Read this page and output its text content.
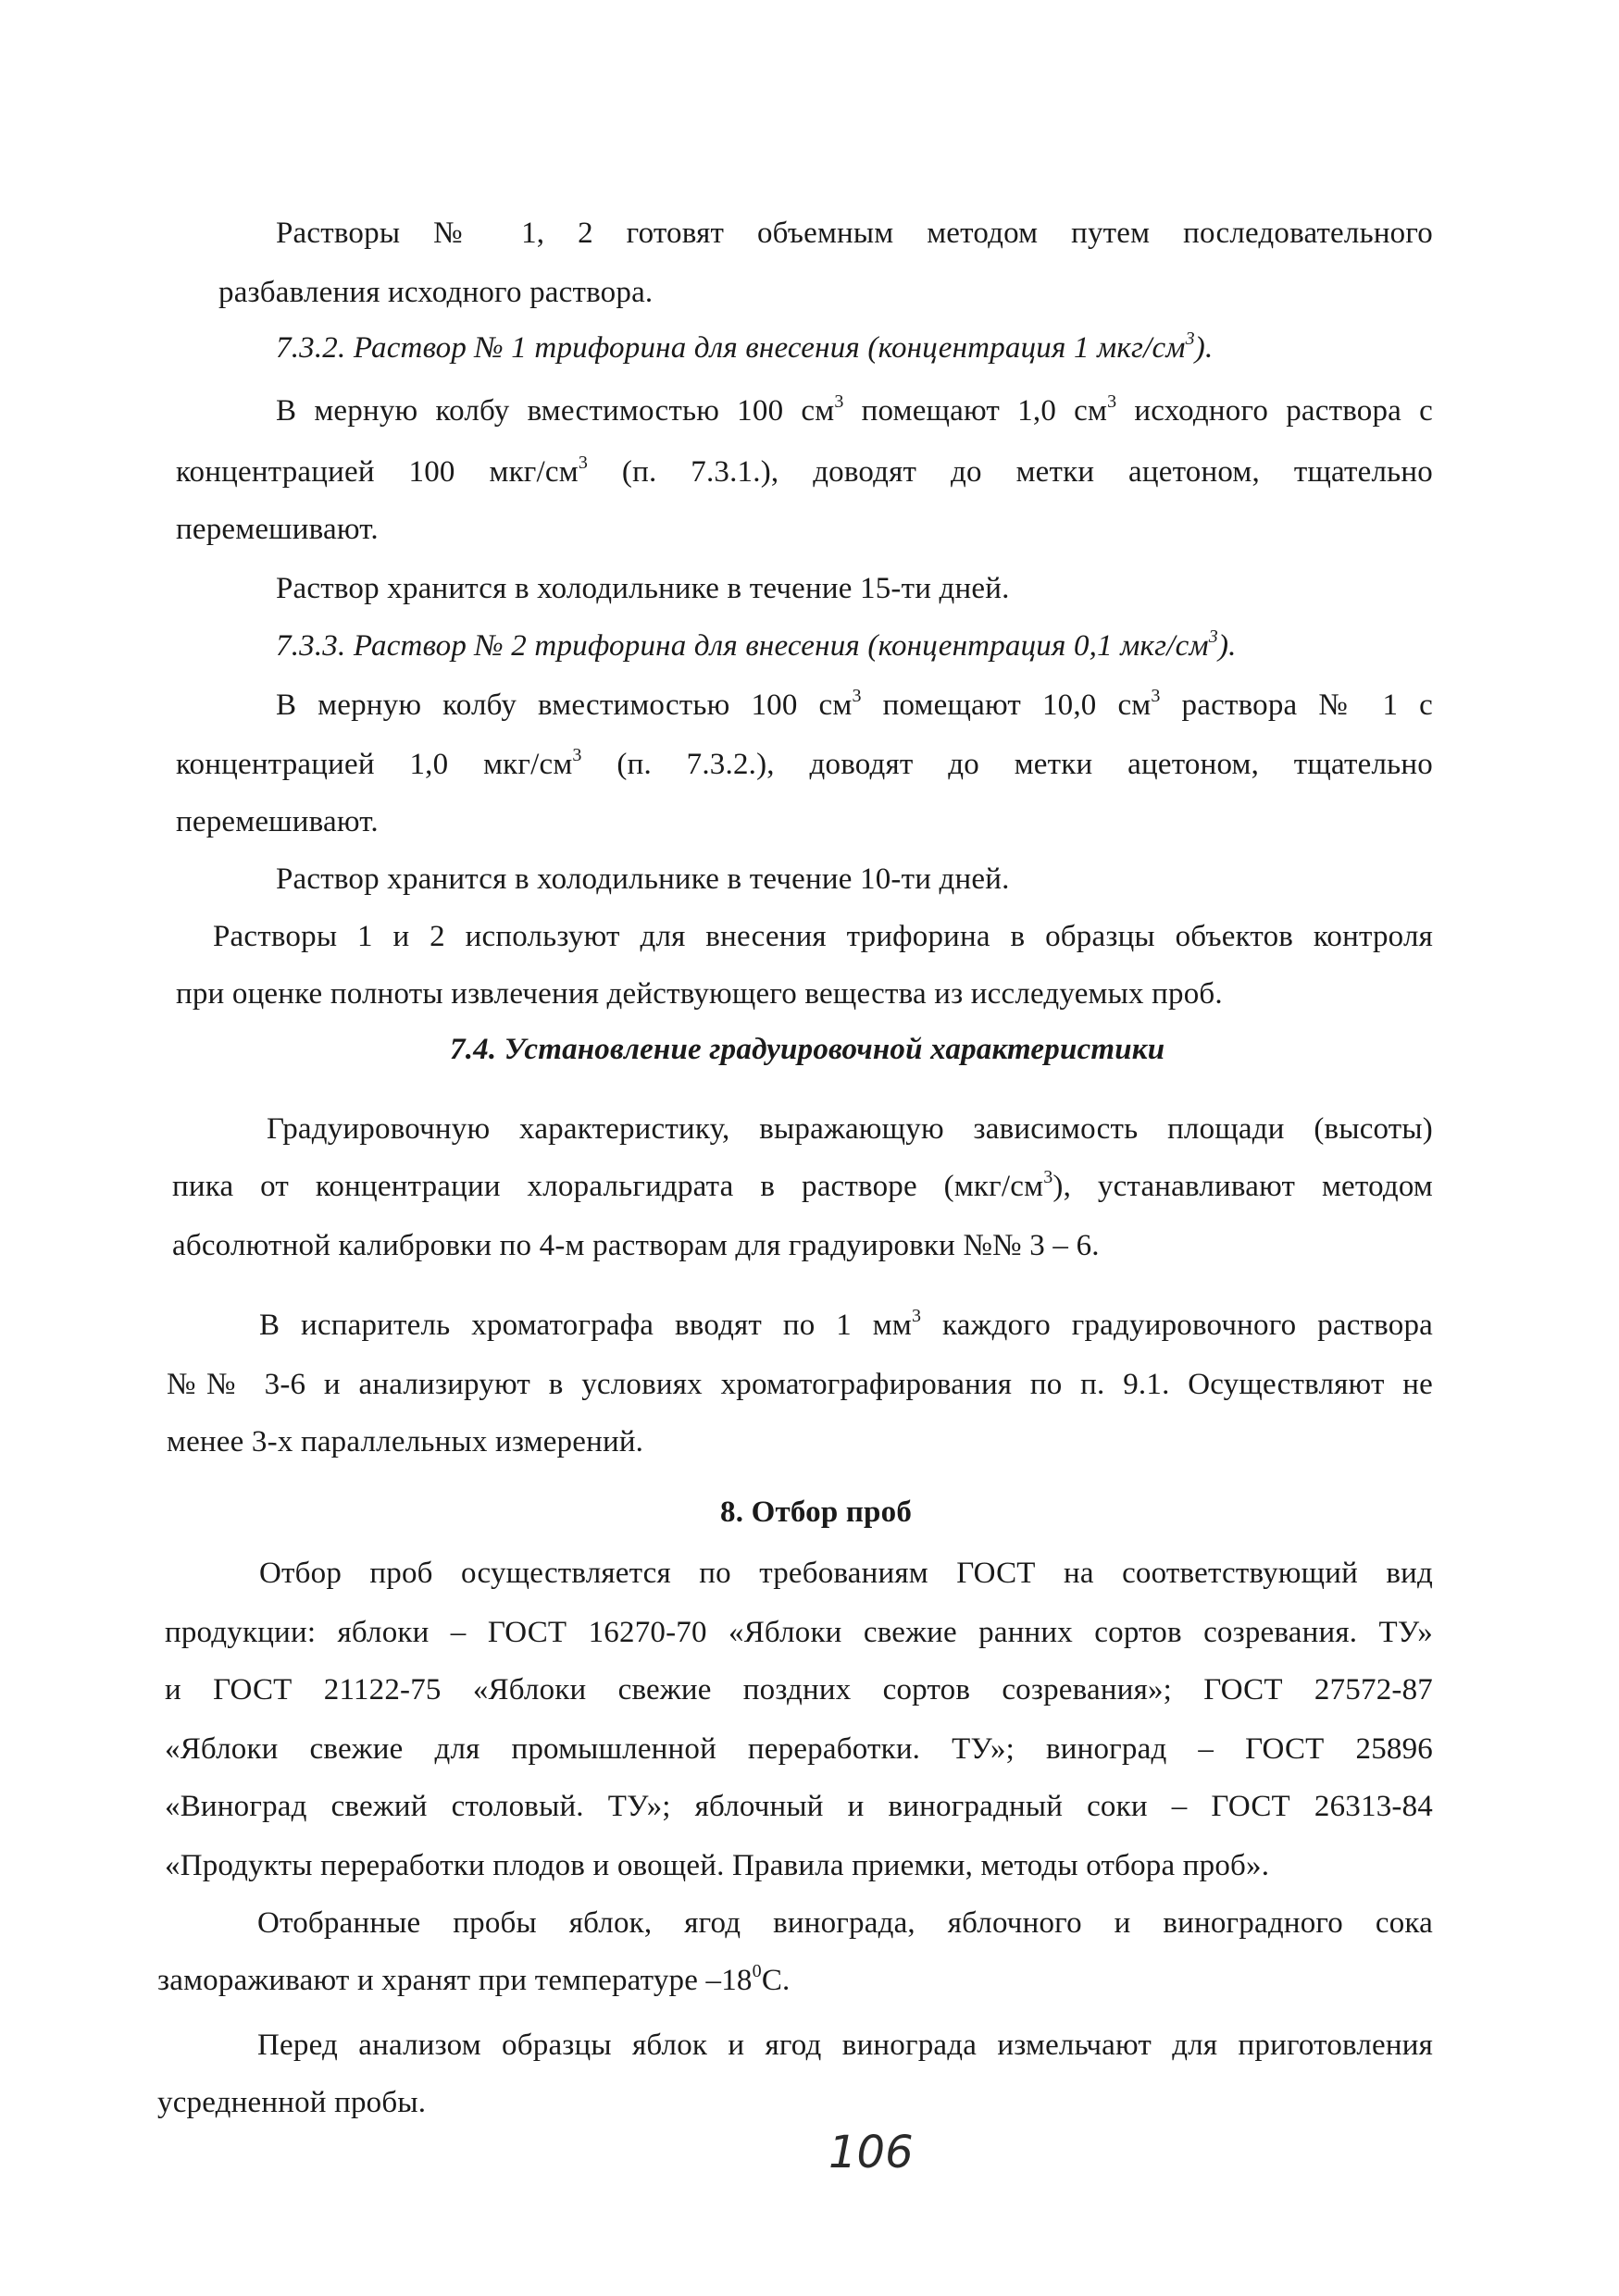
Растворы № 1, 2 готовят объемным методом путем последовательного

разбавления исходного раствора.

7.3.2. Раствор № 1 трифорина для внесения (концентрация 1 мкг/$см^3$).

В мерную колбу вместимостью 100 $см^3$ помещают 1,0 $см^3$ исходного раствора с

концентрацией 100 мкг/$см^3$ (п. 7.3.1.), доводят до метки ацетоном, тщательно

перемешивают.

Раствор хранится в холодильнике в течение 15-ти дней.

7.3.3. Раствор № 2 трифорина для внесения (концентрация 0,1 мкг/$см^3$).

В мерную колбу вместимостью 100 $см^3$ помещают 10,0 $см^3$ раствора № 1 с

концентрацией 1,0 мкг/$см^3$ (п. 7.3.2.), доводят до метки ацетоном, тщательно

перемешивают.

Раствор хранится в холодильнике в течение 10-ти дней.

Растворы 1 и 2 используют для внесения трифорина в образцы объектов контроля

при оценке полноты извлечения действующего вещества из исследуемых проб.

7.4. Установление градуировочной характеристики

Градуировочную характеристику, выражающую зависимость площади (высоты)

пика от концентрации хлоральгидрата в растворе $(мкг/см^3)$, устанавливают методом

абсолютной калибровки по 4-м растворам для градуировки №№ 3 – 6.

В испаритель хроматографа вводят по 1 $мм^3$ каждого градуировочного раствора

№№ 3-6 и анализируют в условиях хроматографирования по п. 9.1. Осуществляют не

менее 3-х параллельных измерений.

8. Отбор проб

Отбор проб осуществляется по требованиям ГОСТ на соответствующий вид

продукции: яблоки – ГОСТ 16270-70 «Яблоки свежие ранних сортов созревания. ТУ»

и ГОСТ 21122-75 «Яблоки свежие поздних сортов созревания»; ГОСТ 27572-87

«Яблоки свежие для промышленной переработки. ТУ»; виноград – ГОСТ 25896

«Виноград свежий столовый. ТУ»; яблочный и виноградный соки – ГОСТ 26313-84

«Продукты переработки плодов и овощей. Правила приемки, методы отбора проб».

Отобранные пробы яблок, ягод винограда, яблочного и виноградного сока

замораживают и хранят при температуре $-18^0С$.

Перед анализом образцы яблок и ягод винограда измельчают для приготовления

усредненной пробы.

106
